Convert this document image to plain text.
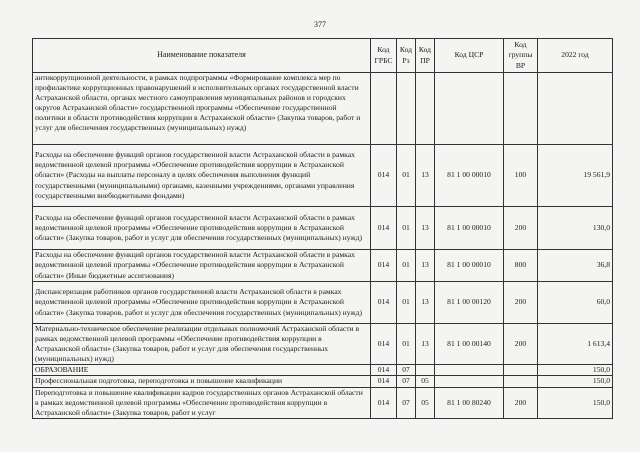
377
Наименование показателя	Код ГРБС	Код Рз	Код ПР	Код ЦСР	Код группы ВР	2022 год
антикоррупционной деятельности, в рамках подпрограммы «Формирование комплекса мер по профилактике коррупционных правонарушений в исполнительных органах государственной власти Астраханской области, органах местного самоуправления муниципальных районов и городских округов Астраханской области» государственной программы «Обеспечение государственной политики в области противодействия коррупции в Астраханской области» (Закупка товаров, работ и услуг для обеспечения государственных (муниципальных) нужд)						
Расходы на обеспечение функций органов государственной власти Астраханской области в рамках ведомственной целевой программы «Обеспечение противодействия коррупции в Астраханской области» (Расходы на выплаты персоналу в целях обеспечения выполнения функций государственными (муниципальными) органами, казенными учреждениями, органами управления государственными внебюджетными фондами)	014	01	13	81 1 00 00010	100	19 561,9
Расходы на обеспечение функций органов государственной власти Астраханской области в рамках ведомственной целевой программы «Обеспечение противодействия коррупции в Астраханской области» (Закупка товаров, работ и услуг для обеспечения государственных (муниципальных) нужд)	014	01	13	81 1 00 00010	200	130,0
Расходы на обеспечение функций органов государственной власти Астраханской области в рамках ведомственной целевой программы «Обеспечение противодействия коррупции в Астраханской области» (Иные бюджетные ассигнования)	014	01	13	81 1 00 00010	800	36,8
Диспансеризация работников органов государственной власти Астраханской области в рамках ведомственной целевой программы «Обеспечение противодействия коррупции в Астраханской области» (Закупка товаров, работ и услуг для обеспечения государственных (муниципальных) нужд)	014	01	13	81 1 00 00120	200	60,0
Материально-техническое обеспечение реализации отдельных полномочий Астраханской области в рамках ведомственной целевой программы «Обеспечение противодействия коррупции в Астраханской области» (Закупка товаров, работ и услуг для обеспечения государственных (муниципальных) нужд)	014	01	13	81 1 00 00140	200	1 613,4
ОБРАЗОВАНИЕ	014	07				150,0
Профессиональная подготовка, переподготовка и повышение квалификации	014	07	05			150,0
Переподготовка и повышение квалификации кадров государственных органов Астраханской области в рамках ведомственной целевой программы «Обеспечение противодействия коррупции в Астраханской области» (Закупка товаров, работ и услуг	014	07	05	81 1 00 80240	200	150,0
